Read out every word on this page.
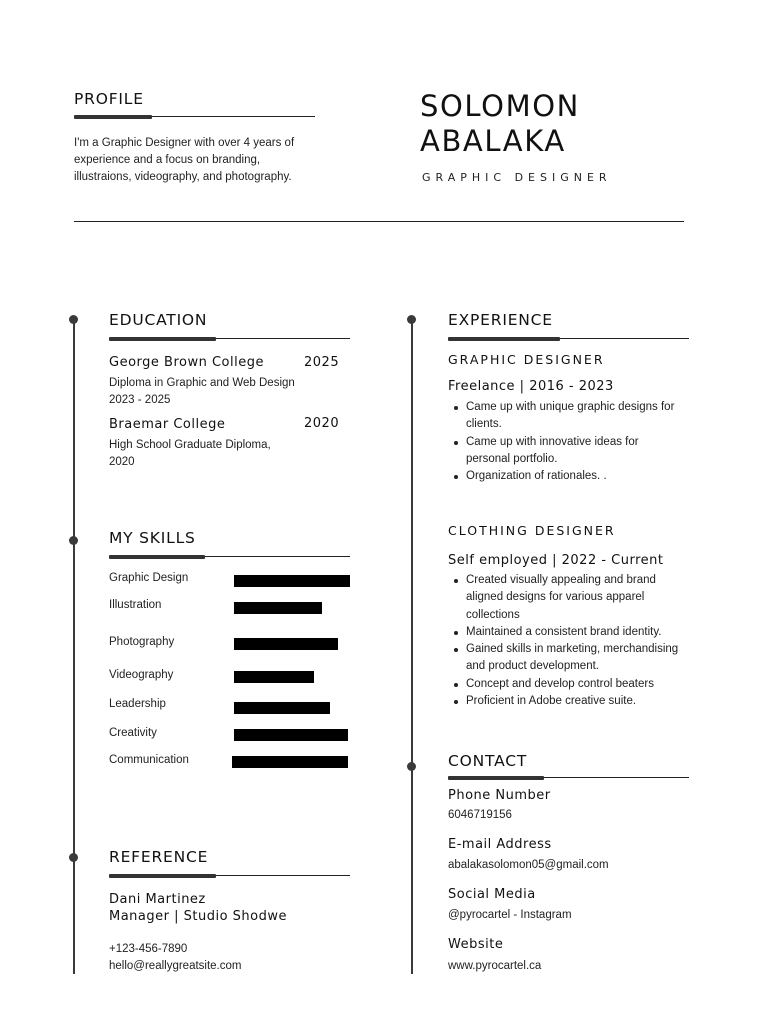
PROFILE
I'm a Graphic Designer with over 4 years of
experience and a focus on branding,
illustraions, videography, and photography.
SOLOMON
ABALAKA
GRAPHIC DESIGNER
EDUCATION
George Brown College	2025
Diploma in Graphic and Web Design
2023 - 2025
Braemar College	2020
High School Graduate Diploma,
2020
MY SKILLS
Graphic Design
Illustration
Photography
Videography
Leadership
Creativity
Communication
REFERENCE
Dani Martinez
Manager | Studio Shodwe
+123-456-7890
hello@reallygreatsite.com
EXPERIENCE
GRAPHIC DESIGNER
Freelance | 2016 - 2023
Came up with unique graphic designs for
clients.
Came up with innovative ideas for
personal portfolio.
Organization of rationales. .
CLOTHING DESIGNER
Self employed | 2022 - Current
Created visually appealing and brand
aligned designs for various apparel
collections
Maintained a consistent brand identity.
Gained skills in marketing, merchandising
and product development.
Concept and develop control beaters
Proficient in Adobe creative suite.
CONTACT
Phone Number
6046719156
E-mail Address
abalakasolomon05@gmail.com
Social Media
@pyrocartel - Instagram
Website
www.pyrocartel.ca
